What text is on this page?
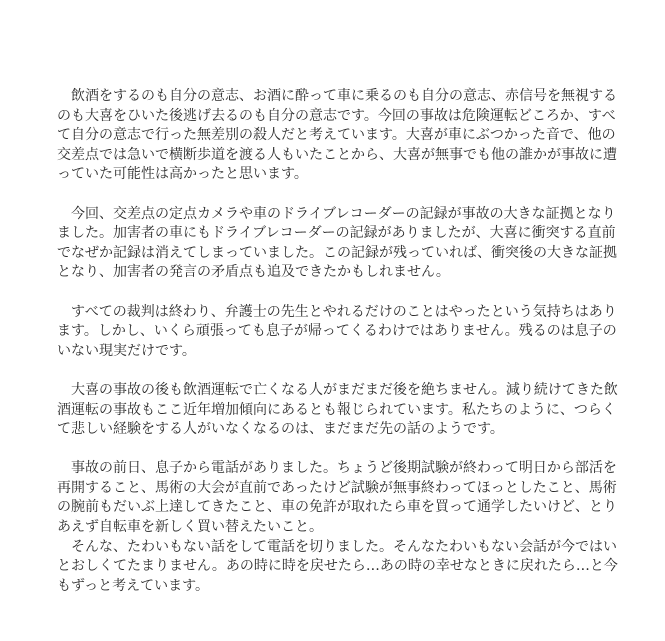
　飲酒をするのも自分の意志、お酒に酔って車に乗るのも自分の意志、赤信号を無視する
のも大喜をひいた後逃げ去るのも自分の意志です。今回の事故は危険運転どころか、すべ
て自分の意志で行った無差別の殺人だと考えています。大喜が車にぶつかった音で、他の
交差点では急いで横断歩道を渡る人もいたことから、大喜が無事でも他の誰かが事故に遭
っていた可能性は高かったと思います。
　今回、交差点の定点カメラや車のドライブレコーダーの記録が事故の大きな証拠となり
ました。加害者の車にもドライブレコーダーの記録がありましたが、大喜に衝突する直前
でなぜか記録は消えてしまっていました。この記録が残っていれば、衝突後の大きな証拠
となり、加害者の発言の矛盾点も追及できたかもしれません。
　すべての裁判は終わり、弁護士の先生とやれるだけのことはやったという気持ちはあり
ます。しかし、いくら頑張っても息子が帰ってくるわけではありません。残るのは息子の
いない現実だけです。
　大喜の事故の後も飲酒運転で亡くなる人がまだまだ後を絶ちません。減り続けてきた飲
酒運転の事故もここ近年増加傾向にあるとも報じられています。私たちのように、つらく
て悲しい経験をする人がいなくなるのは、まだまだ先の話のようです。
　事故の前日、息子から電話がありました。ちょうど後期試験が終わって明日から部活を
再開すること、馬術の大会が直前であったけど試験が無事終わってほっとしたこと、馬術
の腕前もだいぶ上達してきたこと、車の免許が取れたら車を買って通学したいけど、とり
あえず自転車を新しく買い替えたいこと。
　そんな、たわいもない話をして電話を切りました。そんなたわいもない会話が今ではい
とおしくてたまりません。あの時に時を戻せたら…あの時の幸せなときに戻れたら…と今
もずっと考えています。
